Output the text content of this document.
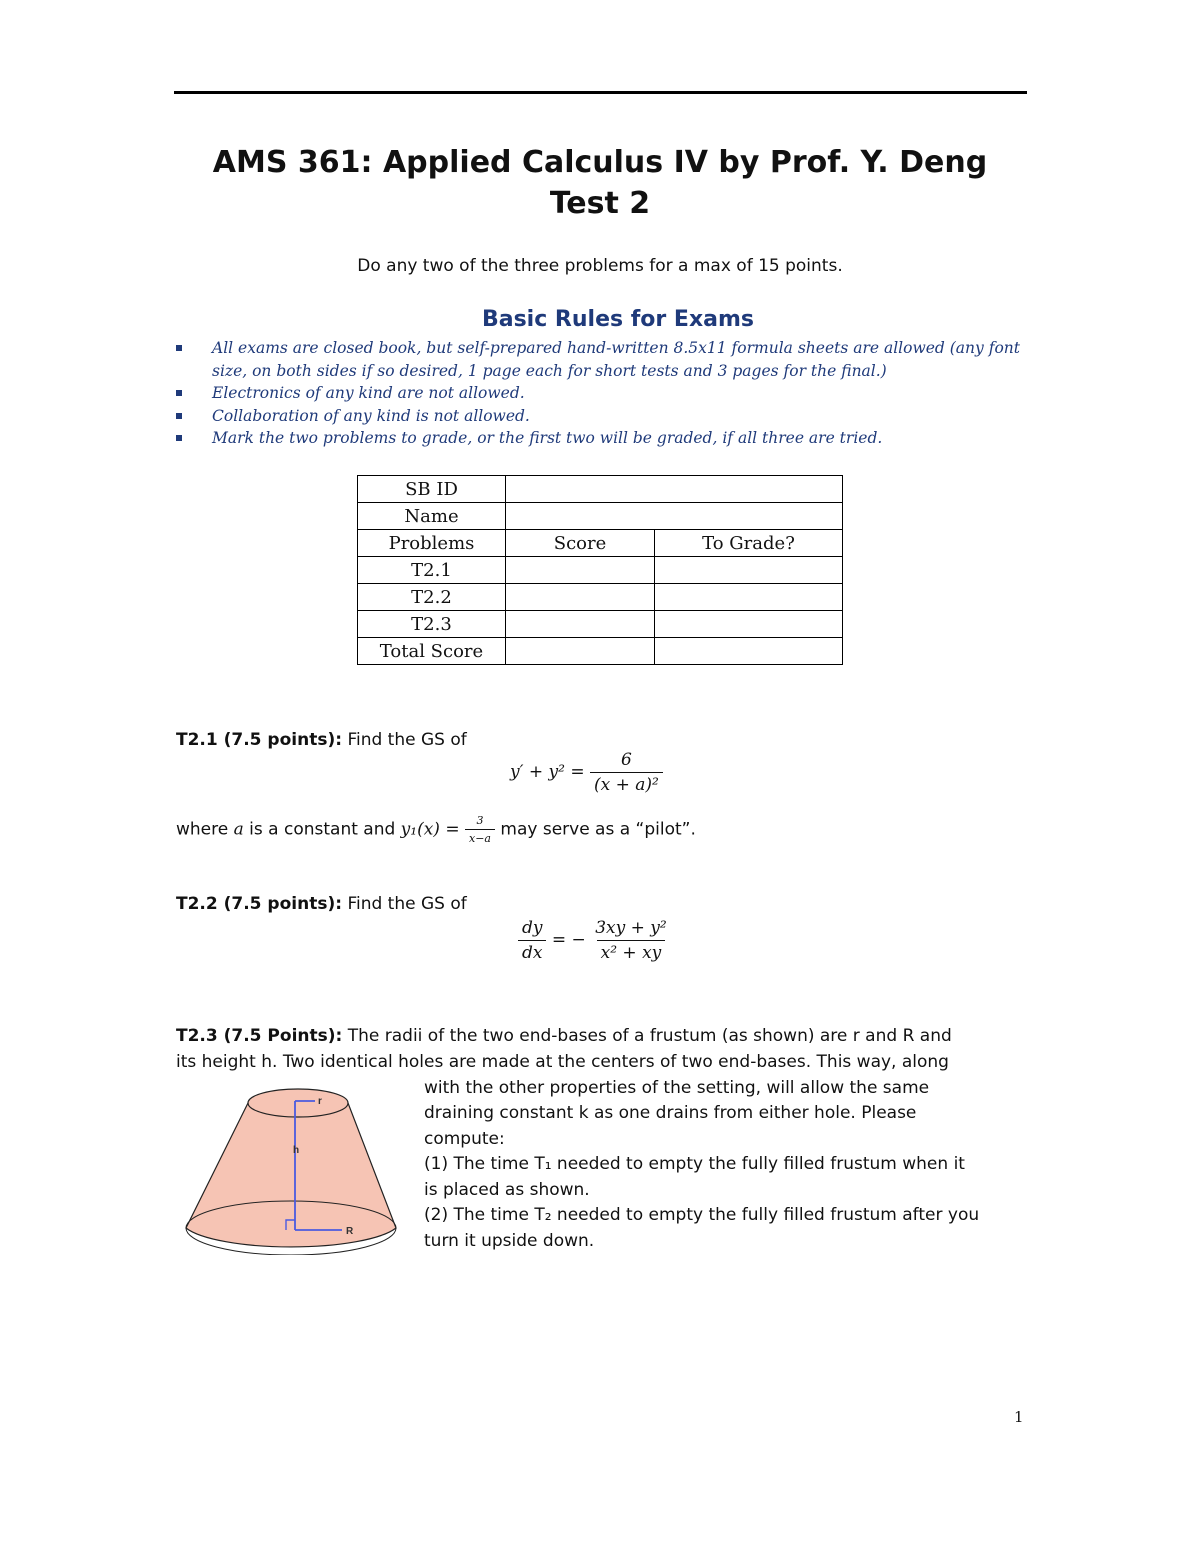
AMS 361: Applied Calculus IV by Prof. Y. Deng
Test 2
Do any two of the three problems for a max of 15 points.
Basic Rules for Exams
All exams are closed book, but self-prepared hand-written 8.5x11 formula sheets are allowed (any font size, on both sides if so desired, 1 page each for short tests and 3 pages for the final.)
Electronics of any kind are not allowed.
Collaboration of any kind is not allowed.
Mark the two problems to grade, or the first two will be graded, if all three are tried.
SB ID		
Name		
Problems	Score	To Grade?
T2.1		
T2.2		
T2.3		
Total Score		
T2.1 (7.5 points): Find the GS of
$y' + y^2 = \frac{6}{\text{(x + a)²}}$
where a is a constant and $y_1(x) = \frac{3}{x-a}$ may serve as a “pilot”.
T2.2 (7.5 points): Find the GS of
$\frac{dy}{dx}$ = − $\frac{\text{3xy + y²}}{\text{x² + xy}}$
T2.3 (7.5 Points): The radii of the two end-bases of a frustum (as shown) are r and R and
its height h. Two identical holes are made at the centers of two end-bases. This way, along
with the other properties of the setting, will allow the same
draining constant k as one drains from either hole. Please
compute:
(1) The time T₁ needed to empty the fully filled frustum when it
is placed as shown.
(2) The time T₂ needed to empty the fully filled frustum after you
turn it upside down.
r
h
R
1
